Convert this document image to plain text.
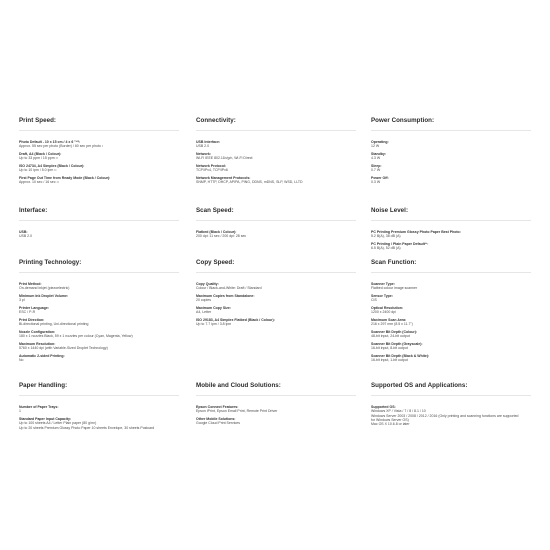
Print Speed:
Photo Default - 10 x 15 cm / 4 x 6 "¹³⁾:
Approx. 55 sec per photo (Border) / 60 sec per photo ¹
Draft, A4 (Black / Colour):
Up to 33 ppm / 15 ppm ¹¹
ISO 24734, A4 Simplex (Black / Colour):
Up to 10 ipm / 5.0 ipm ¹¹
First Page Out Time from Ready Mode (Black / Colour):
Approx. 10 sec / 16 sec ¹¹
Interface:
USB:
USB 2.0
Printing Technology:
Print Method:
On-demand inkjet (piezoelectric)
Minimum Ink Droplet Volume:
3 pl
Printer Language:
ESC / P-R
Print Direction:
Bi-directional printing, Uni-directional printing
Nozzle Configuration:
180 x 1 nozzles Black, 59 x 1 nozzles per colour (Cyan, Magenta, Yellow)
Maximum Resolution:
5760 x 1440 dpi (with Variable-Sized Droplet Technology)
Automatic 2-sided Printing:
No
Paper Handling:
Number of Paper Trays:
1
Standard Paper Input Capacity:
Up to 100 sheets A4 / Letter Plain paper (80 g/m²)
Up to 20 sheets Premium Glossy Photo Paper 10 sheets Envelope, 30 sheets Postcard
Connectivity:
USB Interface:
USB 2.0
Network:
Wi-Fi IEEE 802.11b/g/n, Wi-Fi Direct
Network Protocol:
TCP/IPv4, TCP/IPv6
Network Management Protocols:
SNMP, HTTP, DHCP, APIPA, PING, DDNS, mDNS, SLP, WSD, LLTD
Scan Speed:
Flatbed (Black / Colour):
200 dpi: 11 sec / 200 dpi: 28 sec
Copy Speed:
Copy Quality:
Colour / Black-and-White: Draft / Standard
Maximum Copies from Standalone:
20 copies
Maximum Copy Size:
A4, Letter
ISO 29183, A4 Simplex Flatbed (Black / Colour):
Up to 7.7 ipm / 3.8 ipm
Mobile and Cloud Solutions:
Epson Connect Features:
Epson iPrint, Epson Email Print, Remote Print Driver
Other Mobile Solutions:
Google Cloud Print Services
Power Consumption:
Operating:
12 W
Standby:
4.3 W
Sleep:
0.7 W
Power Off:
0.3 W
Noise Level:
PC Printing Premium Glossy Photo Paper Best Photo:
5.2 B(A), 38 dB (A)
PC Printing / Plain Paper Default¹¹:
6.5 B(A), 52 dB (A)
Scan Function:
Scanner Type:
Flatbed colour image scanner
Sensor Type:
CIS
Optical Resolution:
1200 x 2400 dpi
Maximum Scan Area:
216 x 297 mm (8.5 x 11.7")
Scanner Bit Depth (Colour):
48-bit input, 24-bit output
Scanner Bit Depth (Grayscale):
16-bit input, 8-bit output
Scanner Bit Depth (Black & White):
16-bit input, 1-bit output
Supported OS and Applications:
Supported OS:
Windows XP / Vista / 7 / 8 / 8.1 / 10
Windows Server 2003 / 2008 / 2012 / 2016 (Only printing and scanning functions are supported
for Windows Server OS)
Mac OS X 10.6.8 or later
